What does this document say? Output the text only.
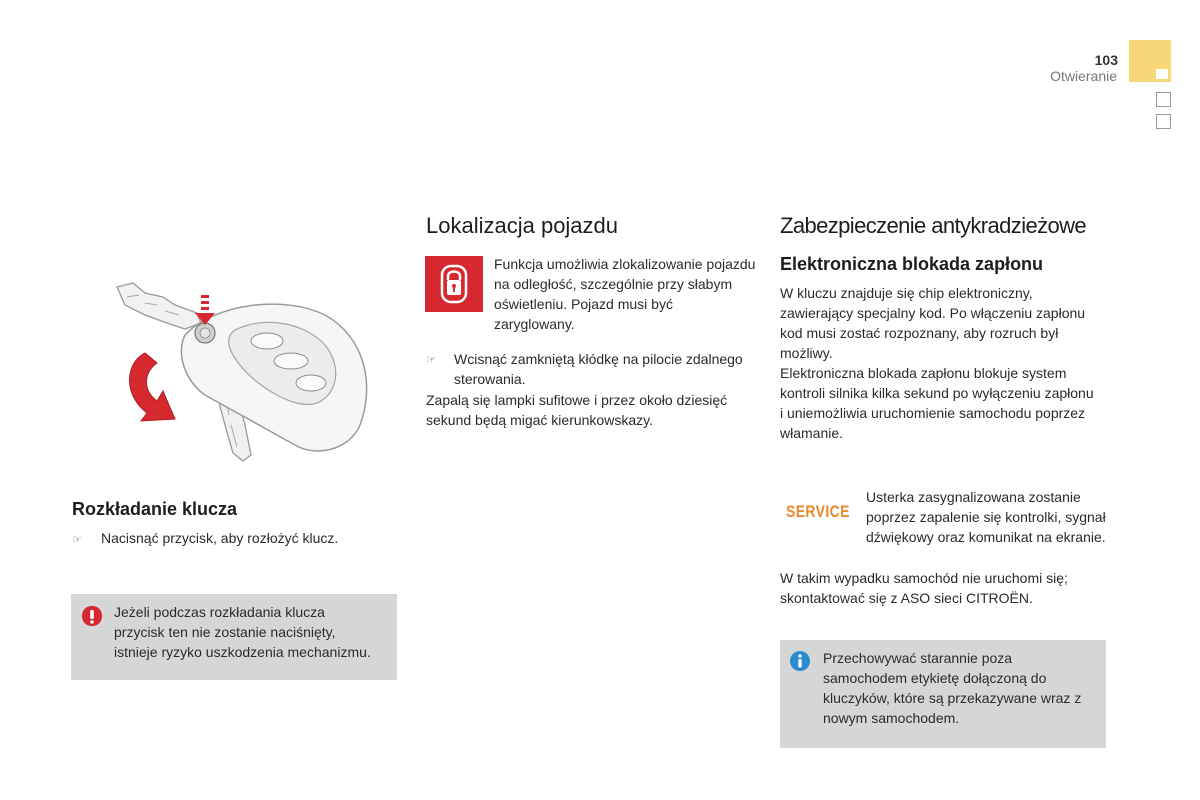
103
Otwieranie
Rozkładanie klucza
☞ Nacisnąć przycisk, aby rozłożyć klucz.
Jeżeli podczas rozkładania klucza przycisk ten nie zostanie naciśnięty, istnieje ryzyko uszkodzenia mechanizmu.
Lokalizacja pojazdu
Funkcja umożliwia zlokalizowanie pojazdu na odległość, szczególnie przy słabym oświetleniu. Pojazd musi być zaryglowany.
☞ Wcisnąć zamkniętą kłódkę na pilocie zdalnego sterowania.
Zapalą się lampki sufitowe i przez około dziesięć sekund będą migać kierunkowskazy.
Zabezpieczenie antykradzieżowe
Elektroniczna blokada zapłonu
W kluczu znajduje się chip elektroniczny, zawierający specjalny kod. Po włączeniu zapłonu kod musi zostać rozpoznany, aby rozruch był możliwy.
Elektroniczna blokada zapłonu blokuje system kontroli silnika kilka sekund po wyłączeniu zapłonu i uniemożliwia uruchomienie samochodu poprzez włamanie.
SERVICE
Usterka zasygnalizowana zostanie poprzez zapalenie się kontrolki, sygnał dźwiękowy oraz komunikat na ekranie.
W takim wypadku samochód nie uruchomi się; skontaktować się z ASO sieci CITROËN.
Przechowywać starannie poza samochodem etykietę dołączoną do kluczyków, które są przekazywane wraz z nowym samochodem.
